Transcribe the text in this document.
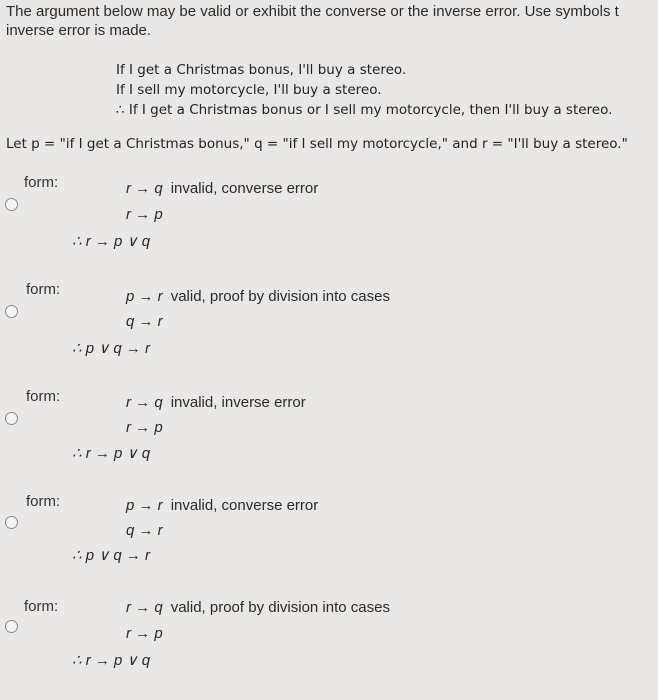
The argument below may be valid or exhibit the converse or the inverse error. Use symbols t
inverse error is made.
If I get a Christmas bonus, I'll buy a stereo.
If I sell my motorcycle, I'll buy a stereo.
∴ If I get a Christmas bonus or I sell my motorcycle, then I'll buy a stereo.
Let p = "if I get a Christmas bonus," q = "if I sell my motorcycle," and r = "I'll buy a stereo."
form:	r → q invalid, converse error
r → p
∴ r → p ∨ q
form:	p → r valid, proof by division into cases
q → r
∴ p ∨ q → r
form:	r → q invalid, inverse error
r → p
∴ r → p ∨ q
form:	p → r invalid, converse error
q → r
∴ p ∨ q → r
form:	r → q valid, proof by division into cases
r → p
∴ r → p ∨ q
